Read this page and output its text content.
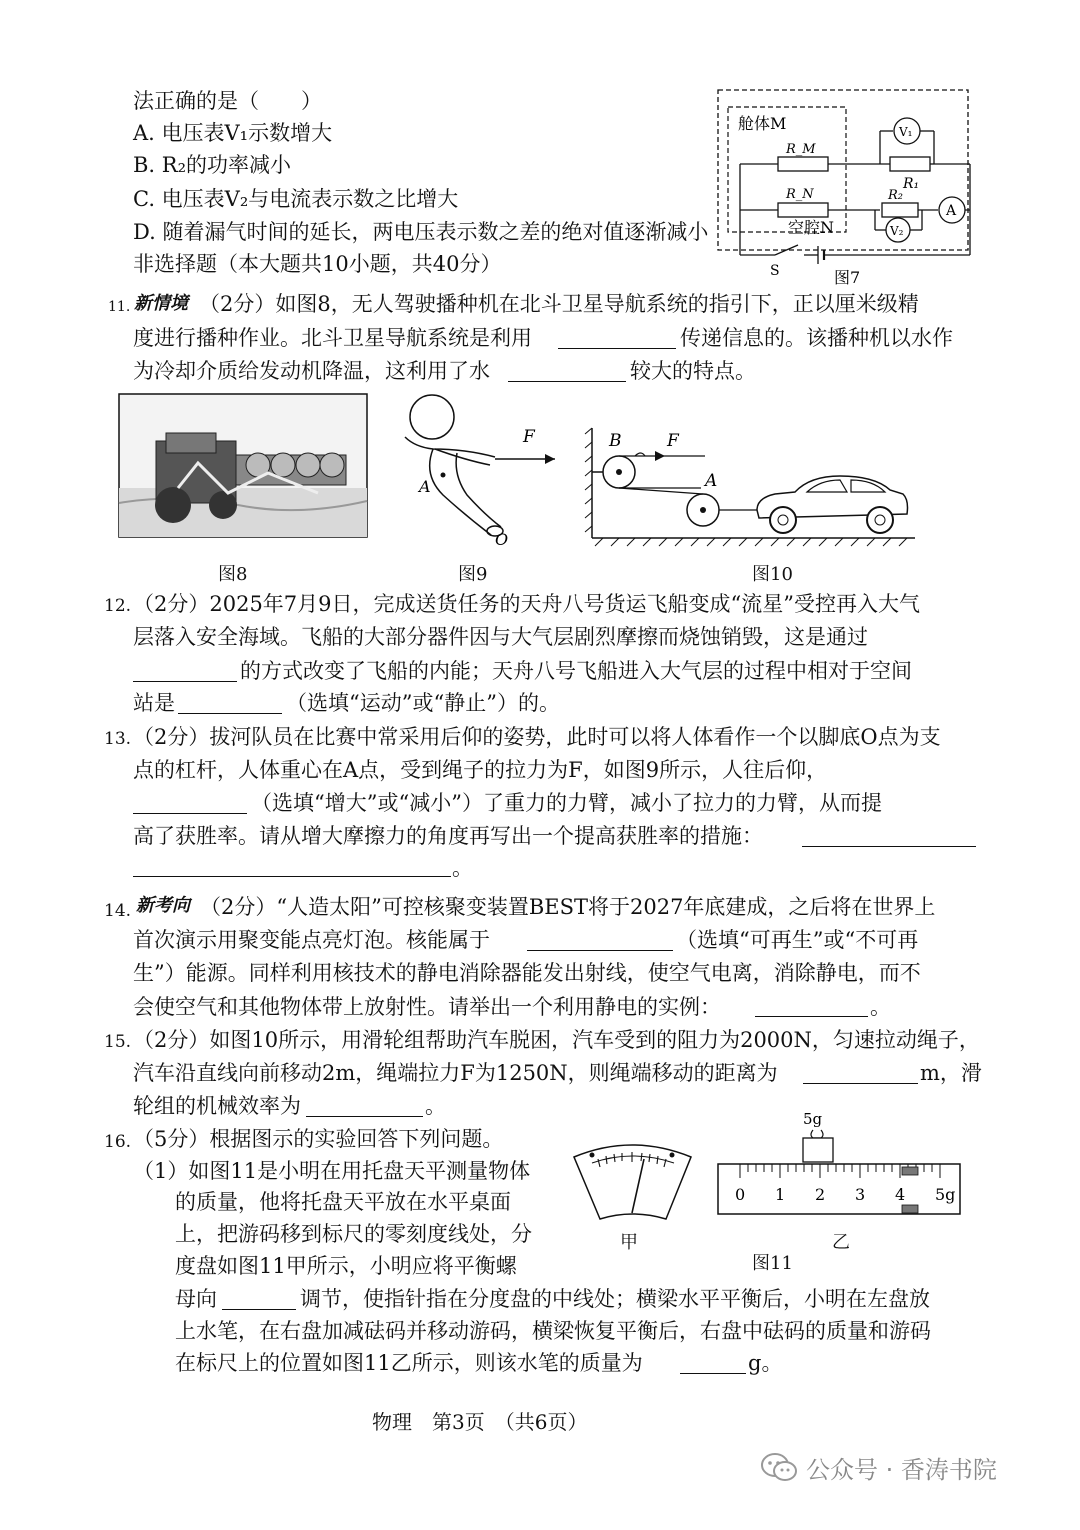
法正确的是（　　）
A. 电压表V₁示数增大
B. R₂的功率减小
C. 电压表V₂与电流表示数之比增大
D. 随着漏气时间的延长，两电压表示数之差的绝对值逐渐减小
非选择题（本大题共10小题，共40分）
舱体M
空腔N
R_M
R_N
R₁
V₁
R₂
A
V₂
S	图7
11. 新情境 （2分）如图8，无人驾驶播种机在北斗卫星导航系统的指引下，正以厘米级精
度进行播种作业。北斗卫星导航系统是利用	传递信息的。该播种机以水作
为冷却介质给发动机降温，这利用了水	较大的特点。
图8
F
A
O
图9
B	F
A
图10
12. （2分）2025年7月9日，完成送货任务的天舟八号货运飞船变成“流星”受控再入大气
层落入安全海域。飞船的大部分器件因与大气层剧烈摩擦而烧蚀销毁，这是通过
的方式改变了飞船的内能；天舟八号飞船进入大气层的过程中相对于空间
站是	（选填“运动”或“静止”）的。
13. （2分）拔河队员在比赛中常采用后仰的姿势，此时可以将人体看作一个以脚底O点为支
点的杠杆，人体重心在A点，受到绳子的拉力为F，如图9所示，人往后仰，
（选填“增大”或“减小”）了重力的力臂，减小了拉力的力臂，从而提
高了获胜率。请从增大摩擦力的角度再写出一个提高获胜率的措施：
。
14. 新考向 （2分）“人造太阳”可控核聚变装置BEST将于2027年底建成，之后将在世界上
首次演示用聚变能点亮灯泡。核能属于	（选填“可再生”或“不可再
生”）能源。同样利用核技术的静电消除器能发出射线，使空气电离，消除静电，而不
会使空气和其他物体带上放射性。请举出一个利用静电的实例：	。
15. （2分）如图10所示，用滑轮组帮助汽车脱困，汽车受到的阻力为2000N，匀速拉动绳子，
汽车沿直线向前移动2m，绳端拉力F为1250N，则绳端移动的距离为	m，滑
轮组的机械效率为	。
16. （5分）根据图示的实验回答下列问题。
（1）如图11是小明在用托盘天平测量物体
的质量，他将托盘天平放在水平桌面
上，把游码移到标尺的零刻度线处，分
度盘如图11甲所示，小明应将平衡螺
母向	调节，使指针指在分度盘的中线处；横梁水平平衡后，小明在左盘放
上水笔，在右盘加减砝码并移动游码，横梁恢复平衡后，右盘中砝码的质量和游码
在标尺上的位置如图11乙所示，则该水笔的质量为	g。
甲
5g
0 1 2 3 4 5g
乙
图11
物理　第3页　（共6页）
公众号 · 香涛书院
